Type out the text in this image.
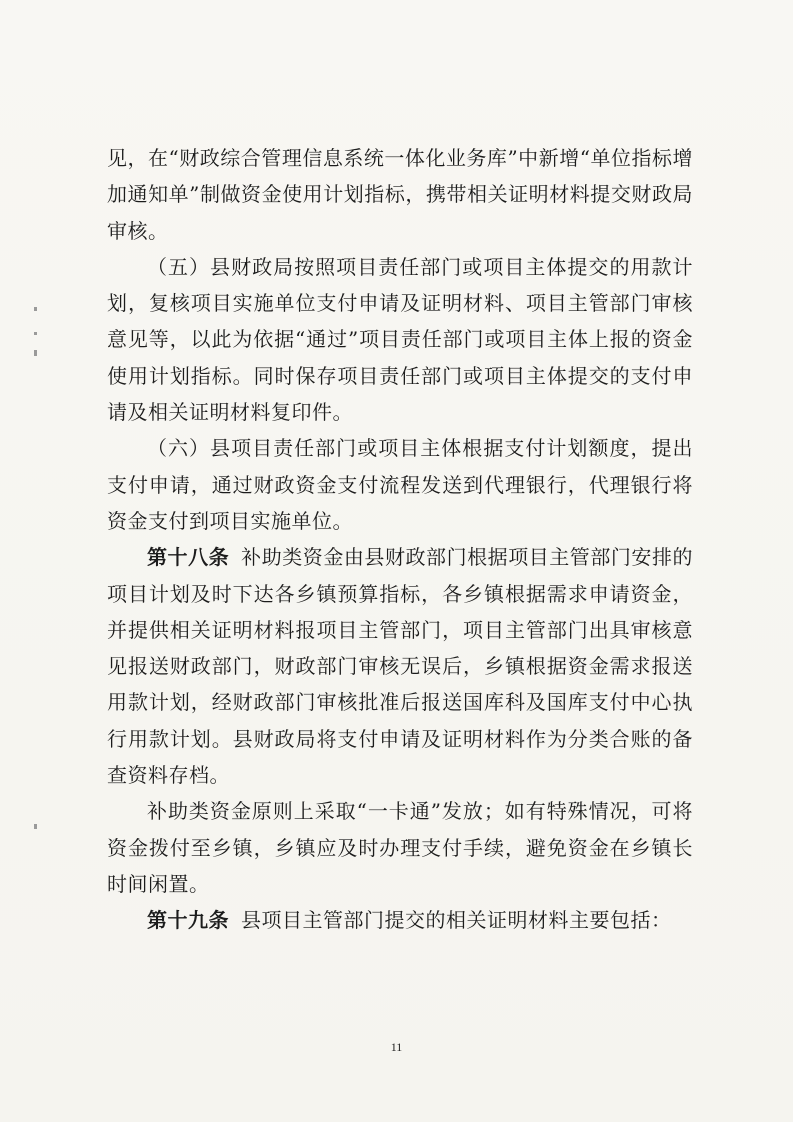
见，在“财政综合管理信息系统一体化业务库”中新增“单位指标增加通知单”制做资金使用计划指标，携带相关证明材料提交财政局审核。

（五）县财政局按照项目责任部门或项目主体提交的用款计划，复核项目实施单位支付申请及证明材料、项目主管部门审核意见等，以此为依据“通过”项目责任部门或项目主体上报的资金使用计划指标。同时保存项目责任部门或项目主体提交的支付申请及相关证明材料复印件。

（六）县项目责任部门或项目主体根据支付计划额度，提出支付申请，通过财政资金支付流程发送到代理银行，代理银行将资金支付到项目实施单位。

第十八条 补助类资金由县财政部门根据项目主管部门安排的项目计划及时下达各乡镇预算指标，各乡镇根据需求申请资金，并提供相关证明材料报项目主管部门，项目主管部门出具审核意见报送财政部门，财政部门审核无误后，乡镇根据资金需求报送用款计划，经财政部门审核批准后报送国库科及国库支付中心执行用款计划。县财政局将支付申请及证明材料作为分类合账的备查资料存档。

补助类资金原则上采取“一卡通”发放；如有特殊情况，可将资金拨付至乡镇，乡镇应及时办理支付手续，避免资金在乡镇长时间闲置。

第十九条 县项目主管部门提交的相关证明材料主要包括：

11
